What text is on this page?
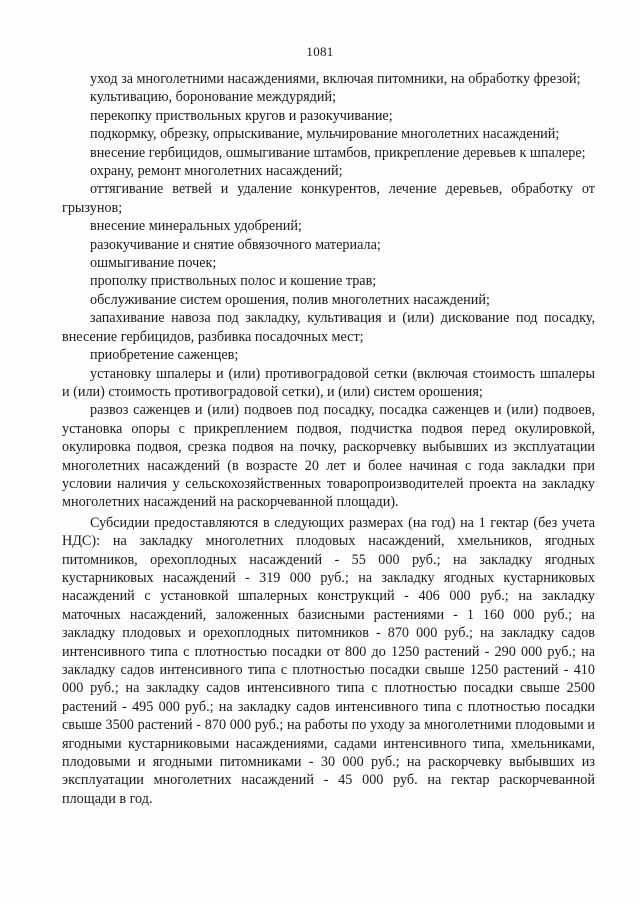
1081

уход за многолетними насаждениями, включая питомники, на обработку фрезой;

культивацию, боронование междурядий;

перекопку приствольных кругов и разокучивание;

подкормку, обрезку, опрыскивание, мульчирование многолетних насаждений;

внесение гербицидов, ошмыгивание штамбов, прикрепление деревьев к шпалере;

охрану, ремонт многолетних насаждений;

оттягивание ветвей и удаление конкурентов, лечение деревьев, обработку от грызунов;

внесение минеральных удобрений;

разокучивание и снятие обвязочного материала;

ошмыгивание почек;

прополку приствольных полос и кошение трав;

обслуживание систем орошения, полив многолетних насаждений;

запахивание навоза под закладку, культивация и (или) дискование под посадку, внесение гербицидов, разбивка посадочных мест;

приобретение саженцев;

установку шпалеры и (или) противоградовой сетки (включая стоимость шпалеры и (или) стоимость противоградовой сетки), и (или) систем орошения;

развоз саженцев и (или) подвоев под посадку, посадка саженцев и (или) подвоев, установка опоры с прикреплением подвоя, подчистка подвоя перед окулировкой, окулировка подвоя, срезка подвоя на почку, раскорчевку выбывших из эксплуатации многолетних насаждений (в возрасте 20 лет и более начиная с года закладки при условии наличия у сельскохозяйственных товаропроизводителей проекта на закладку многолетних насаждений на раскорчеванной площади).

Субсидии предоставляются в следующих размерах (на год) на 1 гектар (без учета НДС): на закладку многолетних плодовых насаждений, хмельников, ягодных питомников, орехоплодных насаждений - 55 000 руб.; на закладку ягодных кустарниковых насаждений - 319 000 руб.; на закладку ягодных кустарниковых насаждений с установкой шпалерных конструкций - 406 000 руб.; на закладку маточных насаждений, заложенных базисными растениями - 1 160 000 руб.; на закладку плодовых и орехоплодных питомников - 870 000 руб.; на закладку садов интенсивного типа с плотностью посадки от 800 до 1250 растений - 290 000 руб.; на закладку садов интенсивного типа с плотностью посадки свыше 1250 растений - 410 000 руб.; на закладку садов интенсивного типа с плотностью посадки свыше 2500 растений - 495 000 руб.; на закладку садов интенсивного типа с плотностью посадки свыше 3500 растений - 870 000 руб.; на работы по уходу за многолетними плодовыми и ягодными кустарниковыми насаждениями, садами интенсивного типа, хмельниками, плодовыми и ягодными питомниками - 30 000 руб.; на раскорчевку выбывших из эксплуатации многолетних насаждений - 45 000 руб. на гектар раскорчеванной площади в год.
